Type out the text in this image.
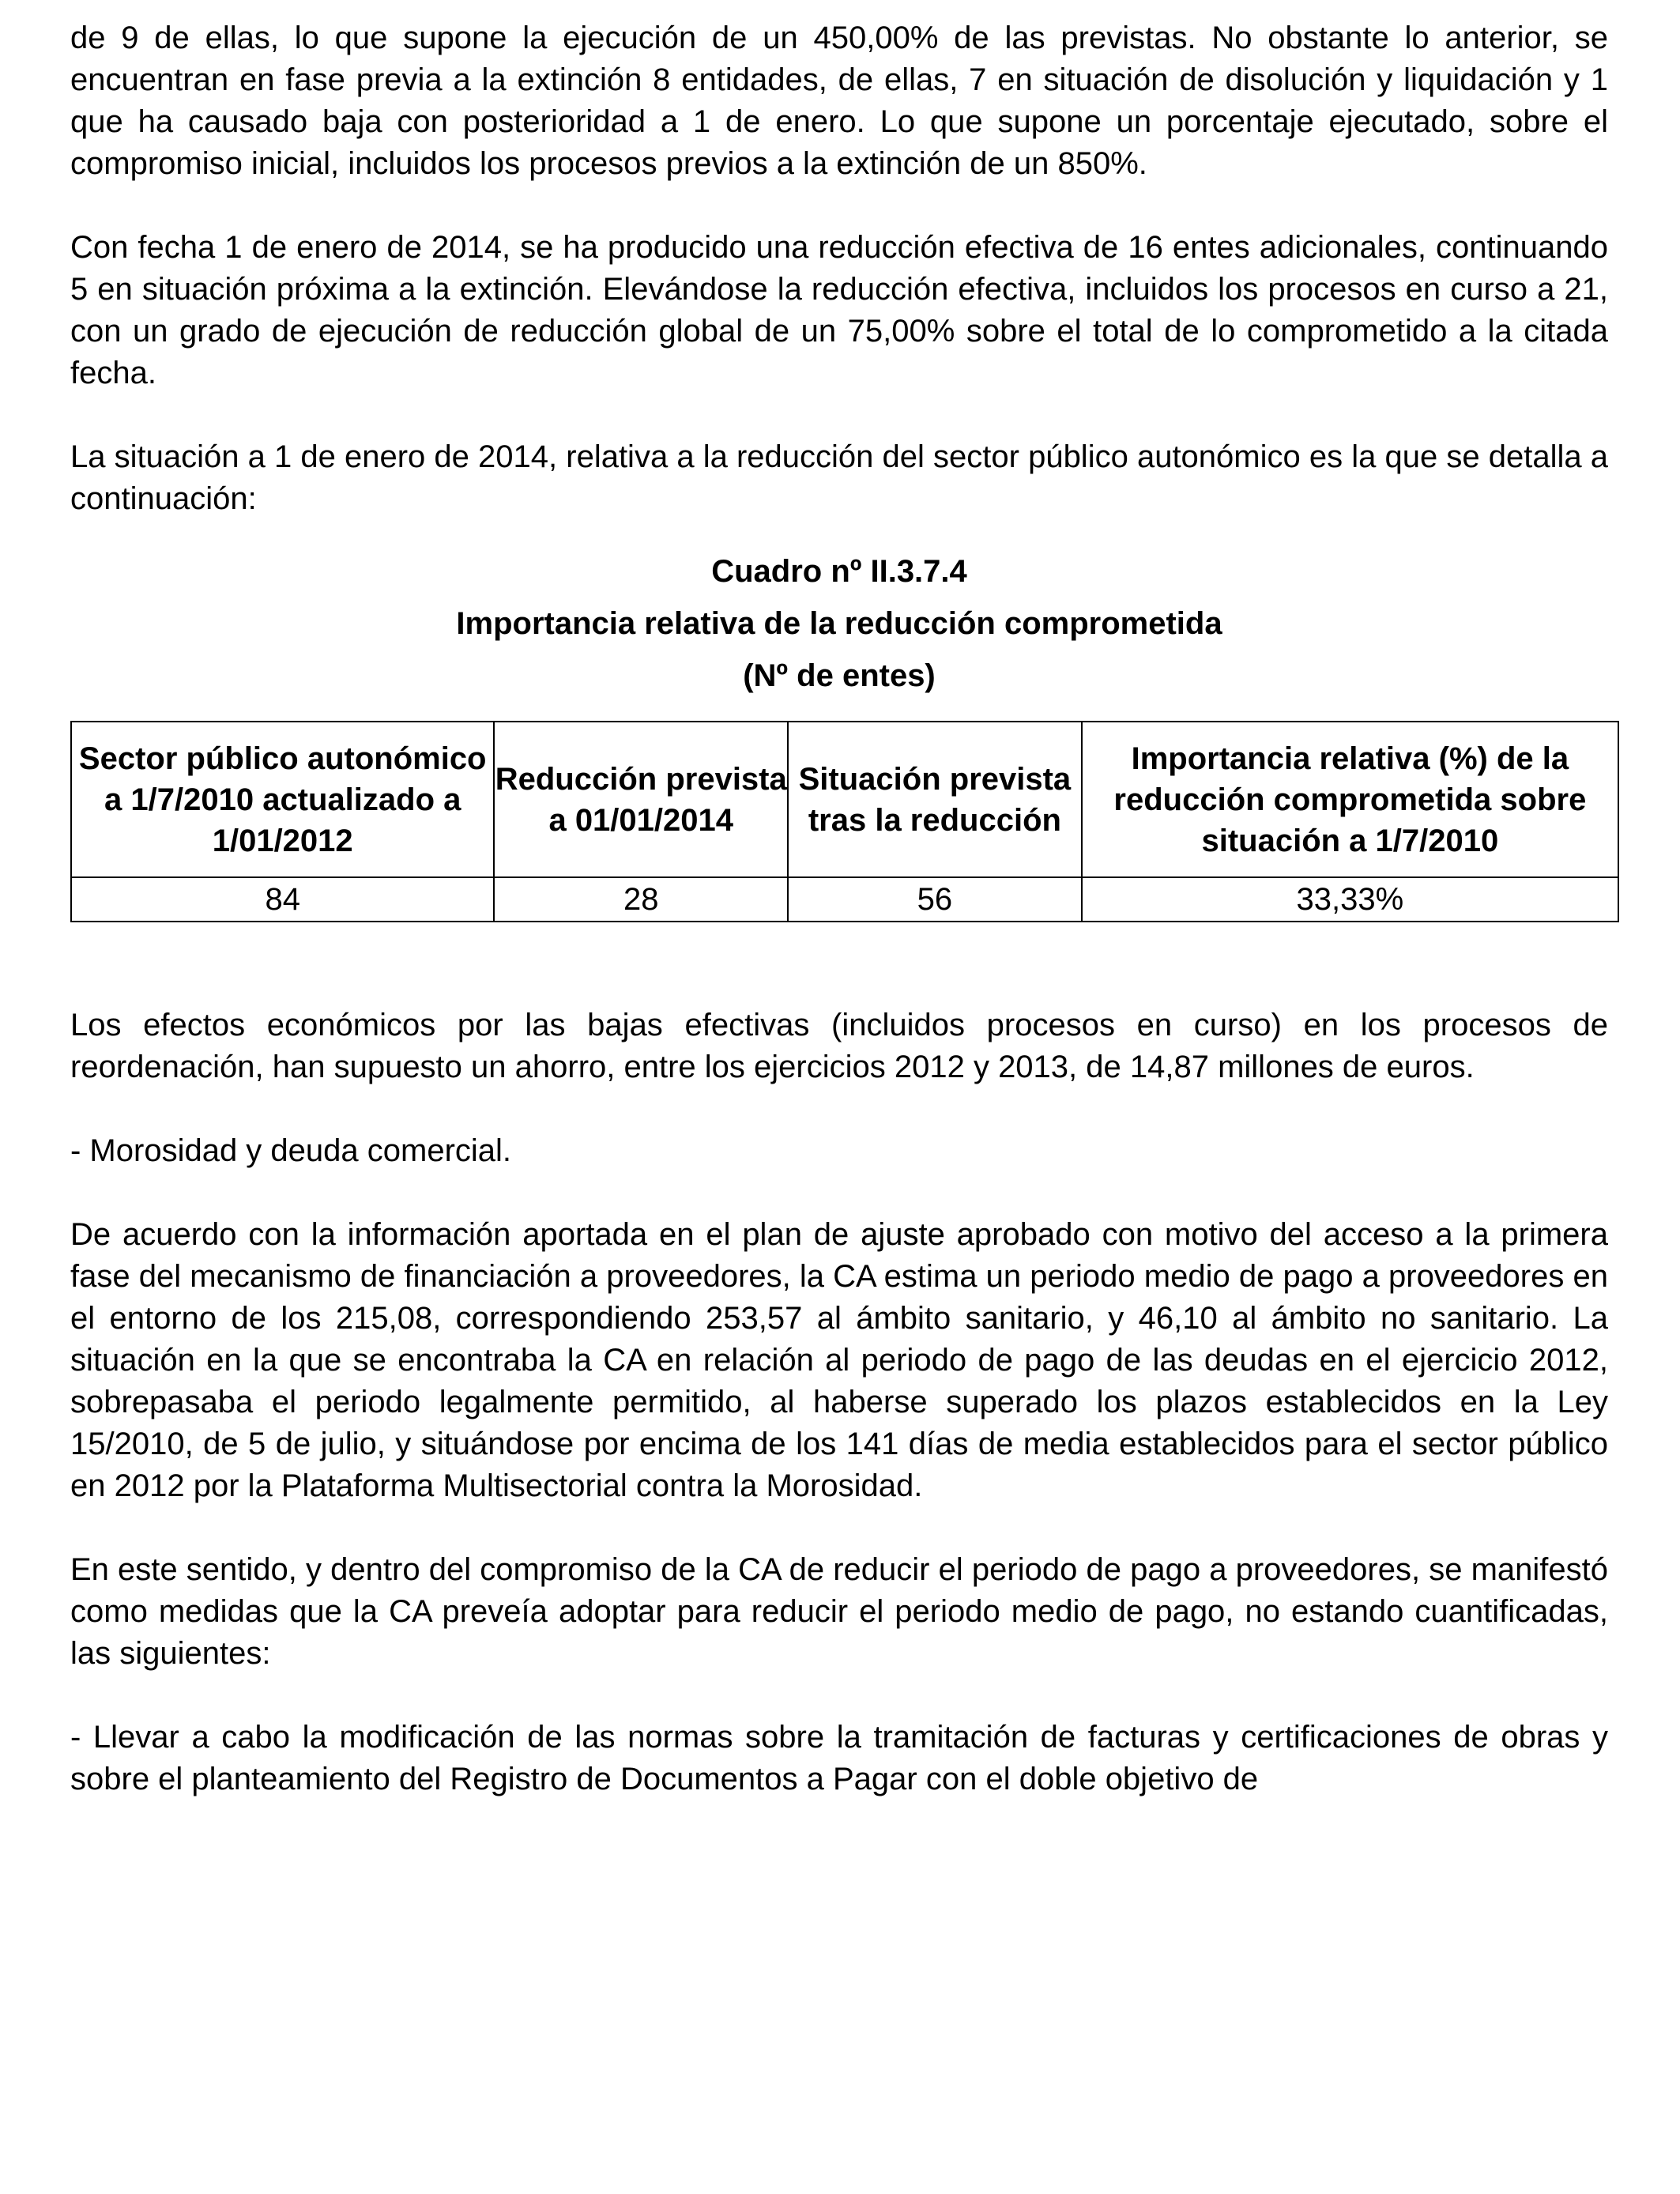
de 9 de ellas, lo que supone la ejecución de un 450,00% de las previstas. No obstante lo anterior, se encuentran en fase previa a la extinción 8 entidades, de ellas, 7 en situación de disolución y liquidación y 1 que ha causado baja con posterioridad a 1 de enero. Lo que supone un porcentaje ejecutado, sobre el compromiso inicial, incluidos los procesos previos a la extinción de un 850%.

Con fecha 1 de enero de 2014, se ha producido una reducción efectiva de 16 entes adicionales, continuando 5 en situación próxima a la extinción. Elevándose la reducción efectiva, incluidos los procesos en curso a 21, con un grado de ejecución de reducción global de un 75,00% sobre el total de lo comprometido a la citada fecha.

La situación a 1 de enero de 2014, relativa a la reducción del sector público autonómico es la que se detalla a continuación:

Cuadro nº II.3.7.4

Importancia relativa de la reducción comprometida

(Nº de entes)

Sector público autonómico a 1/7/2010 actualizado a 1/01/2012	Reducción prevista a 01/01/2014	Situación prevista tras la reducción	Importancia relativa (%) de la reducción comprometida sobre situación a 1/7/2010
84	28	56	33,33%

Los efectos económicos por las bajas efectivas (incluidos procesos en curso) en los procesos de reordenación, han supuesto un ahorro, entre los ejercicios 2012 y 2013, de 14,87 millones de euros.

- Morosidad y deuda comercial.

De acuerdo con la información aportada en el plan de ajuste aprobado con motivo del acceso a la primera fase del mecanismo de financiación a proveedores, la CA estima un periodo medio de pago a proveedores en el entorno de los 215,08, correspondiendo 253,57 al ámbito sanitario, y 46,10 al ámbito no sanitario. La situación en la que se encontraba la CA en relación al periodo de pago de las deudas en el ejercicio 2012, sobrepasaba el periodo legalmente permitido, al haberse superado los plazos establecidos en la Ley 15/2010, de 5 de julio, y situándose por encima de los 141 días de media establecidos para el sector público en 2012 por la Plataforma Multisectorial contra la Morosidad.

En este sentido, y dentro del compromiso de la CA de reducir el periodo de pago a proveedores, se manifestó como medidas que la CA preveía adoptar para reducir el periodo medio de pago, no estando cuantificadas, las siguientes:

- Llevar a cabo la modificación de las normas sobre la tramitación de facturas y certificaciones de obras y sobre el planteamiento del Registro de Documentos a Pagar con el doble objetivo de
